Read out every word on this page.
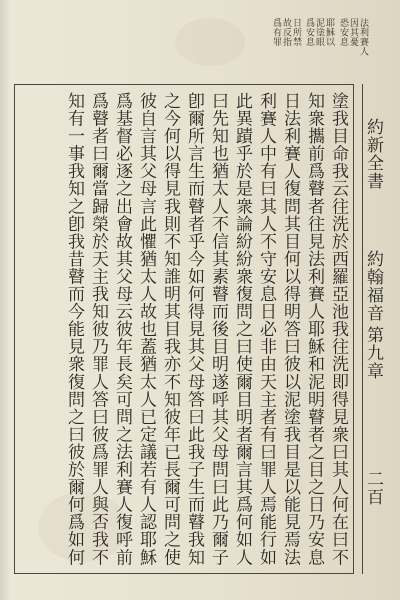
法利賽人
因其憂
恐安息
耶穌以
泥塗眼
爲安息
日所禁
故反指
爲有罪
約新全書
約翰福音
第九章
二百
塗我目命我云往洗於西羅亞池我往洗即得見衆曰其人何在曰不
知衆攜前爲瞽者往見法利賽人耶穌和泥明瞽者之目之日乃安息
日法利賽人復問其目何以得明答曰彼以泥塗我目是以能見焉法
利賽人中有曰其人不守安息日必非由天主者有曰罪人焉能行如
此異蹟乎於是衆論紛紛衆復問之曰使爾目明者爾言其爲何如人
曰先知也猶太人不信其素瞽而後目明遂呼其父母問曰此乃爾子
卽爾所言生而瞽者乎今如何得見其父母答曰此我子生而瞽我知
之今何以得見我則不知誰明其目我亦不知彼年已長爾可問之使
彼自言其父母言此懼猶太人故也蓋猶太人已定議若有人認耶穌
爲基督必逐之出會故其父母云彼年長矣可問之法利賽人復呼前
爲瞽者曰爾當歸榮於天主我知彼乃罪人答曰彼爲罪人與否我不
知有一事我知之卽我昔瞽而今能見衆復問之曰彼於爾何爲如何
